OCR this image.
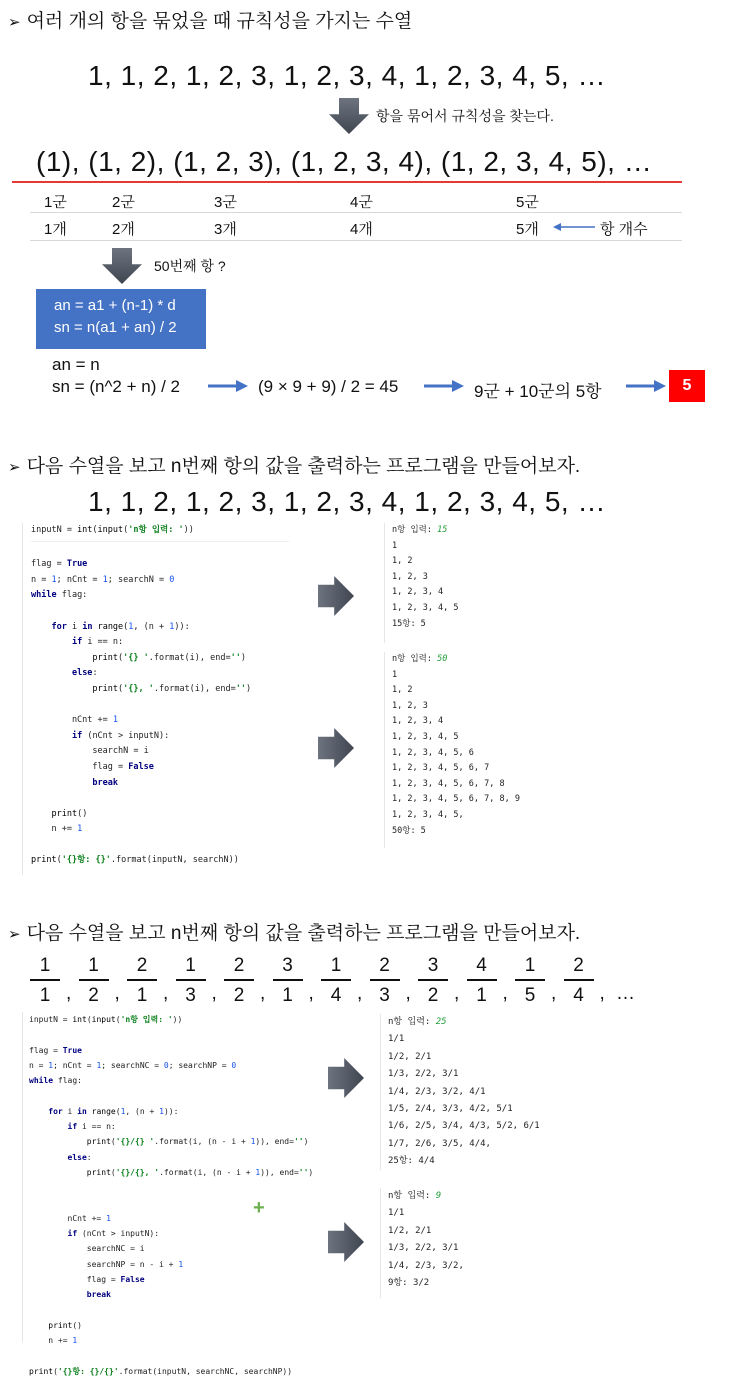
➢ 여러 개의 항을 묶었을 때 규칙성을 가지는 수열
1, 1, 2, 1, 2, 3, 1, 2, 3, 4, 1, 2, 3, 4, 5, …
항을 묶어서 규칙성을 찾는다.
(1), (1, 2), (1, 2, 3), (1, 2, 3, 4), (1, 2, 3, 4, 5), …
1군	2군	3군	4군	5군
1개	2개	3개	4개	5개	항 개수
50번째 항 ?
an = a1 + (n-1) * d
sn = n(a1 + an) / 2
an = n
sn = (n^2 + n) / 2	(9 × 9 + 9) / 2 = 45	9군 + 10군의 5항	5
➢ 다음 수열을 보고 n번째 항의 값을 출력하는 프로그램을 만들어보자.
1, 1, 2, 1, 2, 3, 1, 2, 3, 4, 1, 2, 3, 4, 5, …
inputN = int(input('n항 입력: '))

flag = True
n = 1; nCnt = 1; searchN = 0
while flag:

for i in range(1, (n + 1)):
if i == n:
print('{} '.format(i), end='')
else:
print('{}, '.format(i), end='')

nCnt += 1
if (nCnt > inputN):
searchN = i
flag = False
break

print()
n += 1

print('{}항: {}'.format(inputN, searchN))
n항 입력: 15
1
1, 2
1, 2, 3
1, 2, 3, 4
1, 2, 3, 4, 5
15항: 5
n항 입력: 50
1
1, 2
1, 2, 3
1, 2, 3, 4
1, 2, 3, 4, 5
1, 2, 3, 4, 5, 6
1, 2, 3, 4, 5, 6, 7
1, 2, 3, 4, 5, 6, 7, 8
1, 2, 3, 4, 5, 6, 7, 8, 9
1, 2, 3, 4, 5,
50항: 5
➢ 다음 수열을 보고 n번째 항의 값을 출력하는 프로그램을 만들어보자.
1
1 ,
1
2 ,
2
1 ,
1
3 ,
2
2 ,
3
1 ,
1
4 ,
2
3 ,
3
2 ,
4
1 ,
1
5 ,
2
4 , …
inputN = int(input('n항 입력: '))

flag = True
n = 1; nCnt = 1; searchNC = 0; searchNP = 0
while flag:

for i in range(1, (n + 1)):
if i == n:
print('{}/{} '.format(i, (n - i + 1)), end='')
else:
print('{}/{}, '.format(i, (n - i + 1)), end='')

nCnt += 1
if (nCnt > inputN):
searchNC = i
searchNP = n - i + 1
flag = False
break

print()
n += 1

print('{}항: {}/{}'.format(inputN, searchNC, searchNP))
+
n항 입력: 25
1/1
1/2, 2/1
1/3, 2/2, 3/1
1/4, 2/3, 3/2, 4/1
1/5, 2/4, 3/3, 4/2, 5/1
1/6, 2/5, 3/4, 4/3, 5/2, 6/1
1/7, 2/6, 3/5, 4/4,
25항: 4/4
n항 입력: 9
1/1
1/2, 2/1
1/3, 2/2, 3/1
1/4, 2/3, 3/2,
9항: 3/2
